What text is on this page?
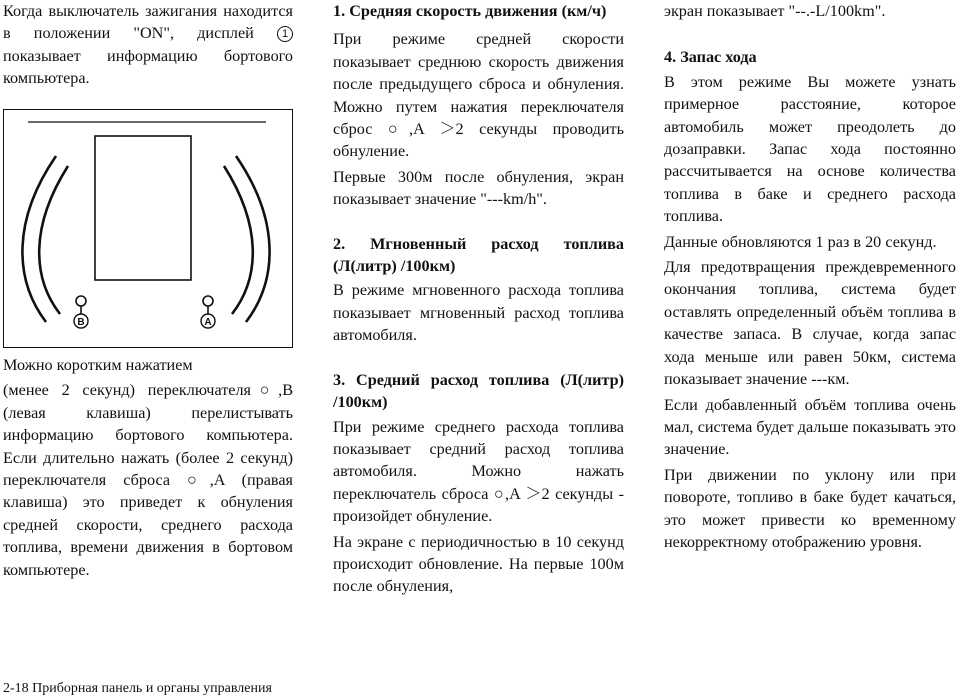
Когда выключатель зажигания находится в положении "ON", дисплей 1 показывает информацию бортового компьютера.

B	A

Можно коротким нажатием

(менее 2 секунд) переключателя○,B (левая клавиша) перелистывать информацию бортового компьютера. Если длительно нажать (более 2 секунд) переключателя сброса ○,A (правая клавиша) это приведет к обнуления средней скорости, среднего расхода топлива, времени движения в бортовом компьютере.

1. Средняя скорость движения (км/ч)

При режиме средней скорости показывает среднюю скорость движения после предыдущего сброса и обнуления. Можно путем нажатия переключателя сброс ○,A ＞2 секунды проводить обнуление.

Первые 300м после обнуления, экран показывает значение "---km/h".

2. Мгновенный расход топлива (Л(литр) /100км)

В режиме мгновенного расхода топлива показывает мгновенный расход топлива автомобиля.

3. Средний расход топлива (Л(литр) /100км)

При режиме среднего расхода топлива показывает средний расход топлива автомобиля. Можно нажать переключатель сброса ○,A ＞2 секунды - произойдет обнуление.

На экране с периодичностью в 10 секунд происходит обновление. На первые 100м после обнуления,

экран показывает "--.-L/100km".

4. Запас хода

В этом режиме Вы можете узнать примерное расстояние, которое автомобиль может преодолеть до дозаправки. Запас хода постоянно рассчитывается на основе количества топлива в баке и среднего расхода топлива.

Данные обновляются 1 раз в 20 секунд.

Для предотвращения преждевременного окончания топлива, система будет оставлять определенный объём топлива в качестве запаса. В случае, когда запас хода меньше или равен 50км, система показывает значение ---км.

Если добавленный объём топлива очень мал, система будет дальше показывать это значение.

При движении по уклону или при повороте, топливо в баке будет качаться, это может привести ко временному некорректному отображению уровня.

2-18 Приборная панель и органы управления
